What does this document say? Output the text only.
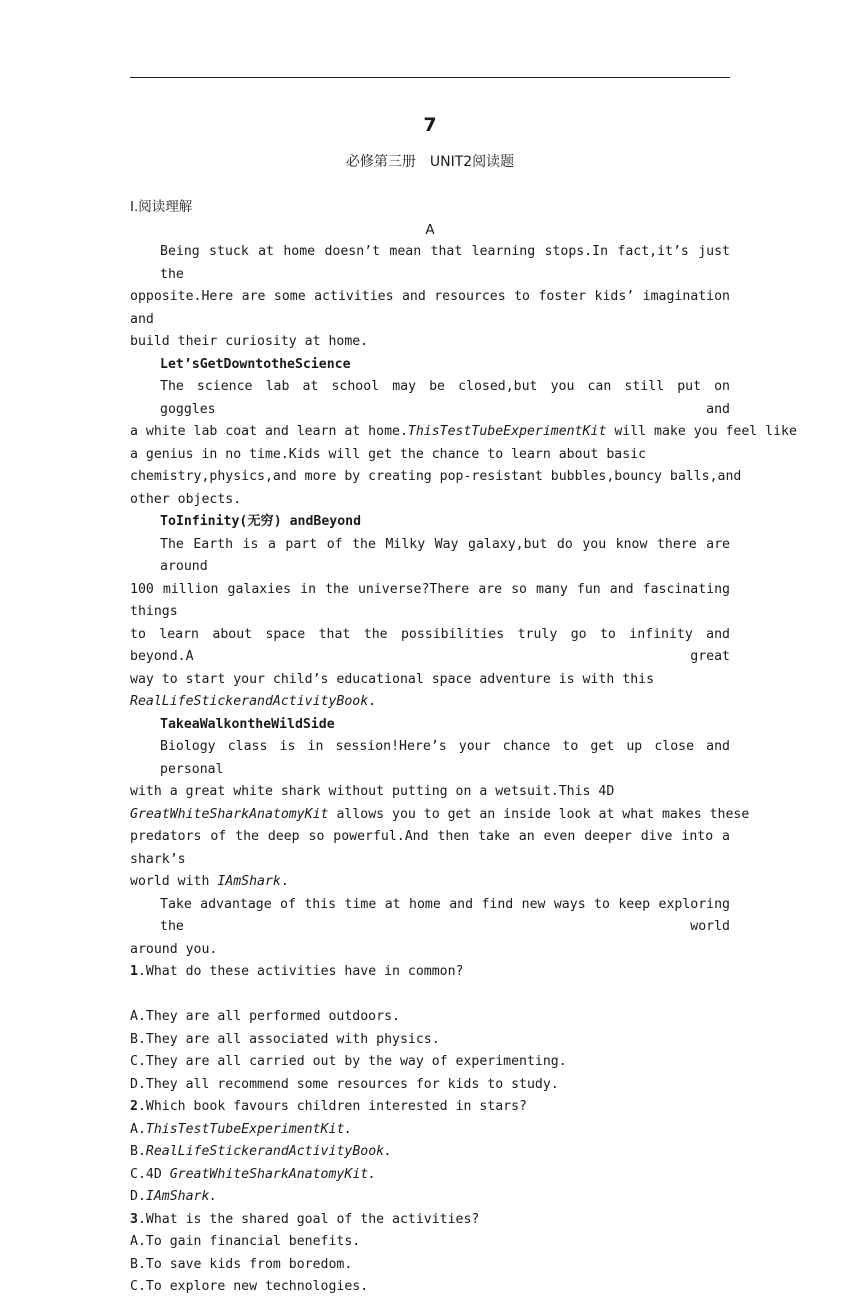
7
必修第三册　UNIT2阅读题
Ⅰ.阅读理解
A
Being stuck at home doesn’t mean that learning stops.In fact,it’s just the
opposite.Here are some activities and resources to foster kids’ imagination and
build their curiosity at home.
Let’sGetDowntotheScience
The science lab at school may be closed,but you can still put on goggles and
a white lab coat and learn at home.ThisTestTubeExperimentKit will make you feel like
a genius in no time.Kids will get the chance to learn about basic
chemistry,physics,and more by creating pop-resistant bubbles,bouncy balls,and
other objects.
ToInfinity(无穷) andBeyond
The Earth is a part of the Milky Way galaxy,but do you know there are around
100 million galaxies in the universe?There are so many fun and fascinating things
to learn about space that the possibilities truly go to infinity and beyond.A great
way to start your child’s educational space adventure is with this
RealLifeStickerandActivityBook.
TakeaWalkontheWildSide
Biology class is in session!Here’s your chance to get up close and personal
with a great white shark without putting on a wetsuit.This 4D
GreatWhiteSharkAnatomyKit allows you to get an inside look at what makes these
predators of the deep so powerful.And then take an even deeper dive into a shark’s
world with IAmShark.
Take advantage of this time at home and find new ways to keep exploring the world
around you.
1.What do these activities have in common?
A.They are all performed outdoors.
B.They are all associated with physics.
C.They are all carried out by the way of experimenting.
D.They all recommend some resources for kids to study.
2.Which book favours children interested in stars?
A.ThisTestTubeExperimentKit.
B.RealLifeStickerandActivityBook.
C.4D GreatWhiteSharkAnatomyKit.
D.IAmShark.
3.What is the shared goal of the activities?
A.To gain financial benefits.
B.To save kids from boredom.
C.To explore new technologies.
